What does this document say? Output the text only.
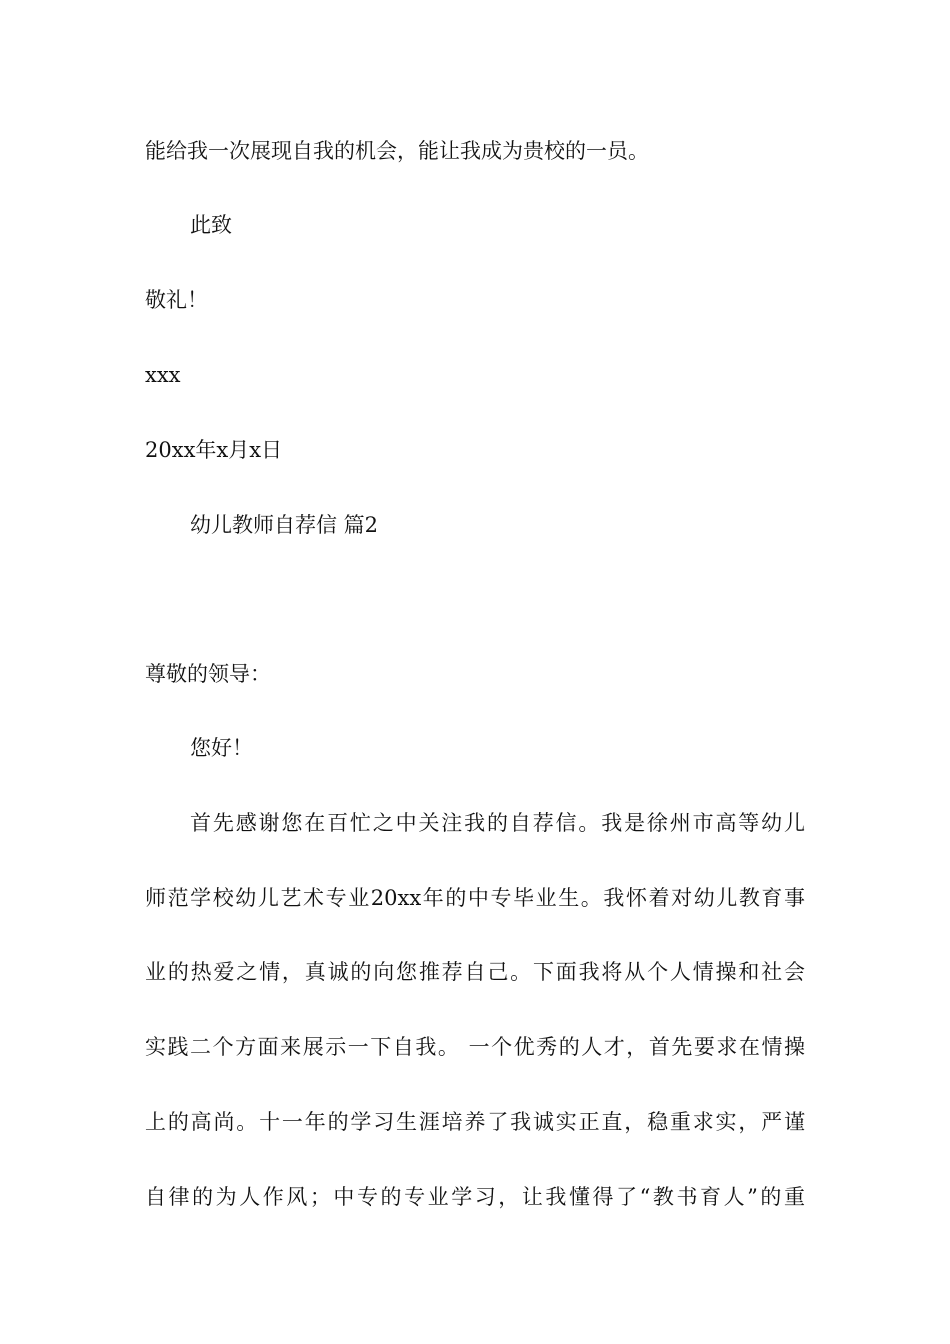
能给我一次展现自我的机会，能让我成为贵校的一员。

此致

敬礼！

xxx

20xx年x月x日

幼儿教师自荐信 篇2

尊敬的领导：

您好！

首先感谢您在百忙之中关注我的自荐信。我是徐州市高等幼儿

师范学校幼儿艺术专业20xx年的中专毕业生。我怀着对幼儿教育事

业的热爱之情，真诚的向您推荐自己。下面我将从个人情操和社会

实践二个方面来展示一下自我。 一个优秀的人才，首先要求在情操

上的高尚。十一年的学习生涯培养了我诚实正直，稳重求实，严谨

自律的为人作风；中专的专业学习，让我懂得了“教书育人”的重
